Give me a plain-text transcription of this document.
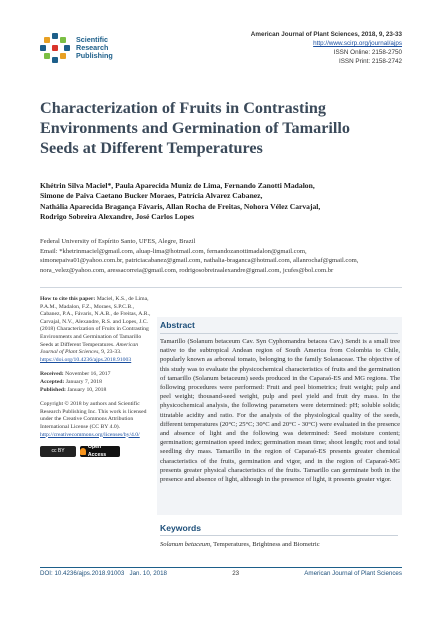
Scientific
Research
Publishing
American Journal of Plant Sciences, 2018, 9, 23-33
http://www.scirp.org/journal/ajps
ISSN Online: 2158-2750
ISSN Print: 2158-2742
Characterization of Fruits in Contrasting Environments and Germination of Tamarillo Seeds at Different Temperatures
Khétrin Silva Maciel*, Paula Aparecida Muniz de Lima, Fernando Zanotti Madalon,
Simone de Paiva Caetano Bucker Moraes, Patrícia Alvarez Cabanez,
Nathália Aparecida Bragança Fávaris, Allan Rocha de Freitas, Nohora Vélez Carvajal,
Rodrigo Sobreira Alexandre, José Carlos Lopes
Federal University of Espírito Santo, UFES, Alegre, Brazil
Email: *khetrinmaciel@gmail.com, aluap-lima@hotmail.com, fernandozanottimadalon@gmail.com,
simonepaiva01@yahoo.com.br, patriciacabanez@gmail.com, nathalia-braganca@hotmail.com, allanrochaf@gmail.com,
nora_velez@yahoo.com, aressacorreia@gmail.com, rodrigosobreiraalexandre@gmail.com, jcufes@bol.com.br

How to cite this paper: Maciel, K.S., de Lima, P.A.M., Madalon, F.Z., Moraes, S.P.C.B., Cabanez, P.A., Fávaris, N.A.B., de Freitas, A.R., Carvajal, N.V., Alexandre, R.S. and Lopes, J.C. (2018) Characterization of Fruits in Contrasting Environments and Germination of Tamarillo Seeds at Different Temperatures. American Journal of Plant Sciences, 9, 23-33. https://doi.org/10.4236/ajps.2018.91003

Received: November 16, 2017
Accepted: January 7, 2018
Published: January 10, 2018

Copyright © 2018 by authors and Scientific Research Publishing Inc. This work is licensed under the Creative Commons Attribution International License (CC BY 4.0).
http://creativecommons.org/licenses/by/4.0/

cc BY
Open Access
Abstract
Tamarillo (Solanum betaceum Cav. Syn Cyphomandra betacea Cav.) Sendt is a small tree native to the subtropical Andean region of South America from Colombia to Chile, popularly known as arboreal tomato, belonging to the family Solanaceae. The objective of this study was to evaluate the physicochemical characteristics of fruits and the germination of tamarillo (Solanum betaceum) seeds produced in the Caparaó-ES and MG regions. The following procedures were performed: Fruit and peel biometrics; fruit weight; pulp and peel weight; thousand-seed weight, pulp and peel yield and fruit dry mass. In the physicochemical analysis, the following parameters were determined: pH; soluble solids; titratable acidity and ratio. For the analysis of the physiological quality of the seeds, different temperatures (20°C; 25°C; 30°C and 20°C - 30°C) were evaluated in the presence and absence of light and the following was determined: Seed moisture content; germination; germination speed index; germination mean time; shoot length; root and total seedling dry mass. Tamarillo in the region of Caparaó-ES presents greater chemical characteristics of the fruits, germination and vigor, and in the region of Caparaó-MG presents greater physical characteristics of the fruits. Tamarillo can germinate both in the presence and absence of light, although in the presence of light, it presents greater vigor.
Keywords
Solanum betaceum, Temperatures, Brightness and Biometric
DOI: 10.4236/ajps.2018.91003 Jan. 10, 2018	23	American Journal of Plant Sciences
